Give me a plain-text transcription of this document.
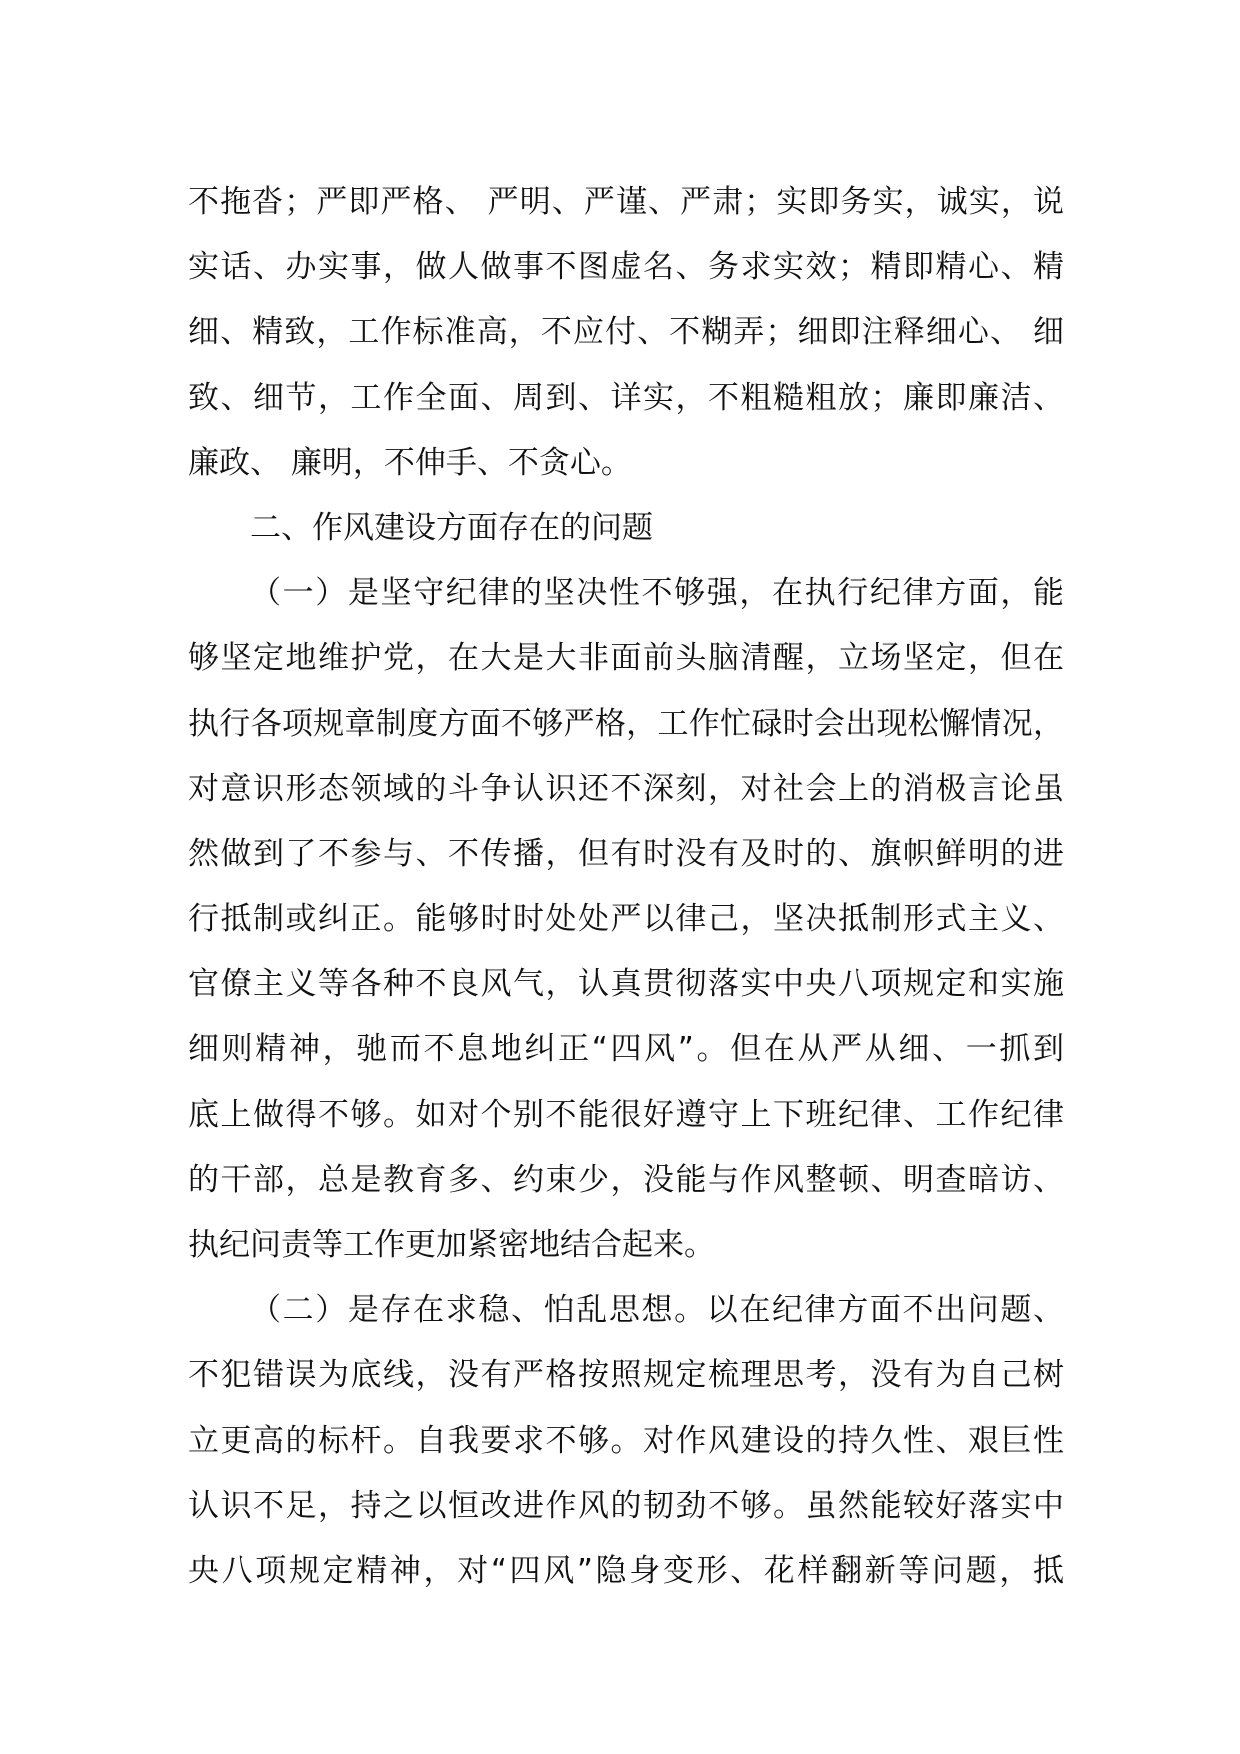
不拖沓；严即严格、 严明、严谨、严肃；实即务实，诚实，说
实话、办实事，做人做事不图虚名、务求实效；精即精心、精
细、精致，工作标准高，不应付、不糊弄；细即注释细心、 细
致、细节，工作全面、周到、详实，不粗糙粗放；廉即廉洁、
廉政、 廉明，不伸手、不贪心。
二、作风建设方面存在的问题
（一）是坚守纪律的坚决性不够强，在执行纪律方面，能
够坚定地维护党，在大是大非面前头脑清醒，立场坚定，但在
执行各项规章制度方面不够严格，工作忙碌时会出现松懈情况，
对意识形态领域的斗争认识还不深刻，对社会上的消极言论虽
然做到了不参与、不传播，但有时没有及时的、旗帜鲜明的进
行抵制或纠正。能够时时处处严以律己，坚决抵制形式主义、
官僚主义等各种不良风气，认真贯彻落实中央八项规定和实施
细则精神，驰而不息地纠正“四风”。但在从严从细、一抓到
底上做得不够。如对个别不能很好遵守上下班纪律、工作纪律
的干部，总是教育多、约束少，没能与作风整顿、明查暗访、
执纪问责等工作更加紧密地结合起来。
（二）是存在求稳、怕乱思想。以在纪律方面不出问题、
不犯错误为底线，没有严格按照规定梳理思考，没有为自己树
立更高的标杆。自我要求不够。对作风建设的持久性、艰巨性
认识不足，持之以恒改进作风的韧劲不够。虽然能较好落实中
央八项规定精神，对“四风”隐身变形、花样翻新等问题，抵
